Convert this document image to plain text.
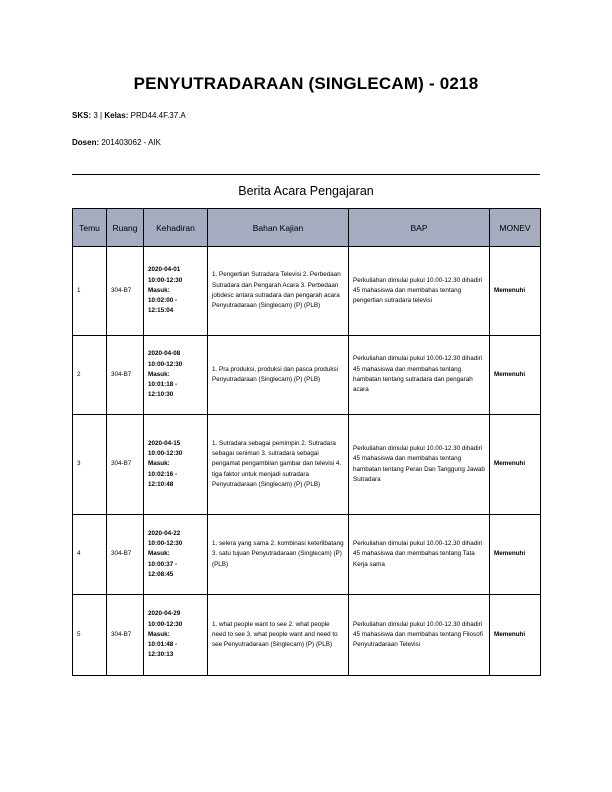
PENYUTRADARAAN (SINGLECAM) - 0218
SKS: 3 | Kelas: PRD44.4F.37.A
Dosen: 201403062 - AIK
Berita Acara Pengajaran
Temu	Ruang	Kehadiran	Bahan Kajian	BAP	MONEV
1	304-B7	2020-04-01
10:00-12:30
Masuk:
10:02:00 -
12:15:04	1. Pengertian Sutradara Televisi 2. Perbedaan Sutradara dan Pengarah Acara 3. Perbedaan jobdesc antara sutradara dan pengarah acara Penyutradaraan (Singlecam) (P) (PLB)	Perkuliahan dimulai pukul 10.00-12.30 dihadiri 45 mahasiswa dan membahas tentang pengertian sutradara televisi	Memenuhi
2	304-B7	2020-04-08
10:00-12:30
Masuk:
10:01:18 -
12:10:30	1. Pra produksi, produksi dan pasca produksi Penyutradaraan (Singlecam) (P) (PLB)	Perkuliahan dimulai pukul 10.00-12.30 dihadiri 45 mahasiswa dan membahas tentang hambatan tentang sutradara dan pengarah acara	Memenuhi
3	304-B7	2020-04-15
10:00-12:30
Masuk:
10:02:16 -
12:10:48	1. Sutradara sebagai pemimpin 2. Sutradara sebagai seniman 3. sutradara sebagai pengamat pengambilan gambar dan televisi 4. tiga faktor untuk menjadi sutradara Penyutradaraan (Singlecam) (P) (PLB)	Perkuliahan dimulai pukul 10.00-12.30 dihadiri 45 mahasiswa dan membahas tentang hambatan tentang Peran Dan Tanggung Jawab Sutradara	Memenuhi
4	304-B7	2020-04-22
10:00-12:30
Masuk:
10:00:37 -
12:08:45	1. selera yang sama 2. kombinasi keterlibatang 3. satu tujuan Penyutradaraan (Singlecam) (P) (PLB)	Perkuliahan dimulai pukul 10.00-12.30 dihadiri 45 mahasiswa dan membahas tentang Tata Kerja sama	Memenuhi
5	304-B7	2020-04-29
10:00-12:30
Masuk:
10:01:48 -
12:30:13	1. what people want to see 2. what people need to see 3. what people want and need to see Penyutradaraan (Singlecam) (P) (PLB)	Perkuliahan dimulai pukul 10.00-12.30 dihadiri 45 mahasiswa dan membahas tentang Filosofi Penyutradaraan Televisi	Memenuhi
